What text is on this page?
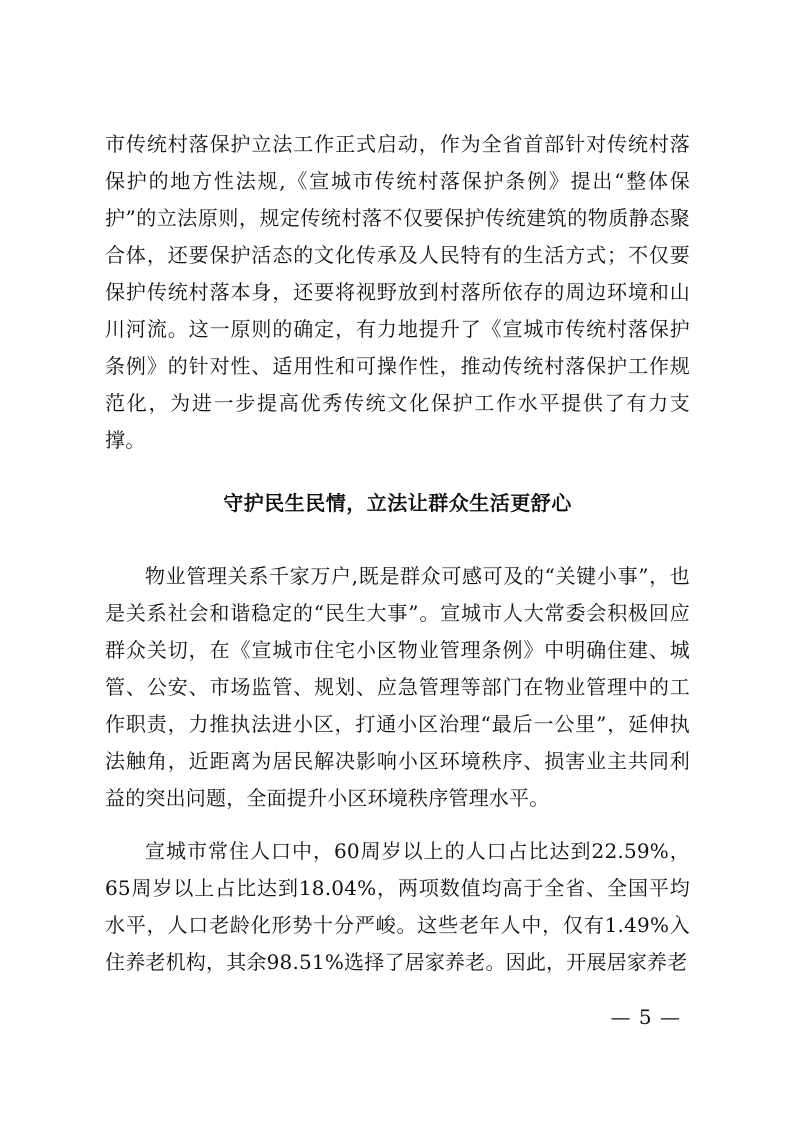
市传统村落保护立法工作正式启动，作为全省首部针对传统村落保护的地方性法规,《宣城市传统村落保护条例》提出“整体保护”的立法原则，规定传统村落不仅要保护传统建筑的物质静态聚合体，还要保护活态的文化传承及人民特有的生活方式；不仅要保护传统村落本身，还要将视野放到村落所依存的周边环境和山川河流。这一原则的确定，有力地提升了《宣城市传统村落保护条例》的针对性、适用性和可操作性，推动传统村落保护工作规范化，为进一步提高优秀传统文化保护工作水平提供了有力支撑。

守护民生民情，立法让群众生活更舒心

物业管理关系千家万户,既是群众可感可及的“关键小事”，也是关系社会和谐稳定的“民生大事”。宣城市人大常委会积极回应群众关切，在《宣城市住宅小区物业管理条例》中明确住建、城管、公安、市场监管、规划、应急管理等部门在物业管理中的工作职责，力推执法进小区，打通小区治理“最后一公里”，延伸执法触角，近距离为居民解决影响小区环境秩序、损害业主共同利益的突出问题，全面提升小区环境秩序管理水平。

宣城市常住人口中，60周岁以上的人口占比达到22.59%，65周岁以上占比达到18.04%，两项数值均高于全省、全国平均水平，人口老龄化形势十分严峻。这些老年人中，仅有1.49%入住养老机构，其余98.51%选择了居家养老。因此，开展居家养老

— 5 —
